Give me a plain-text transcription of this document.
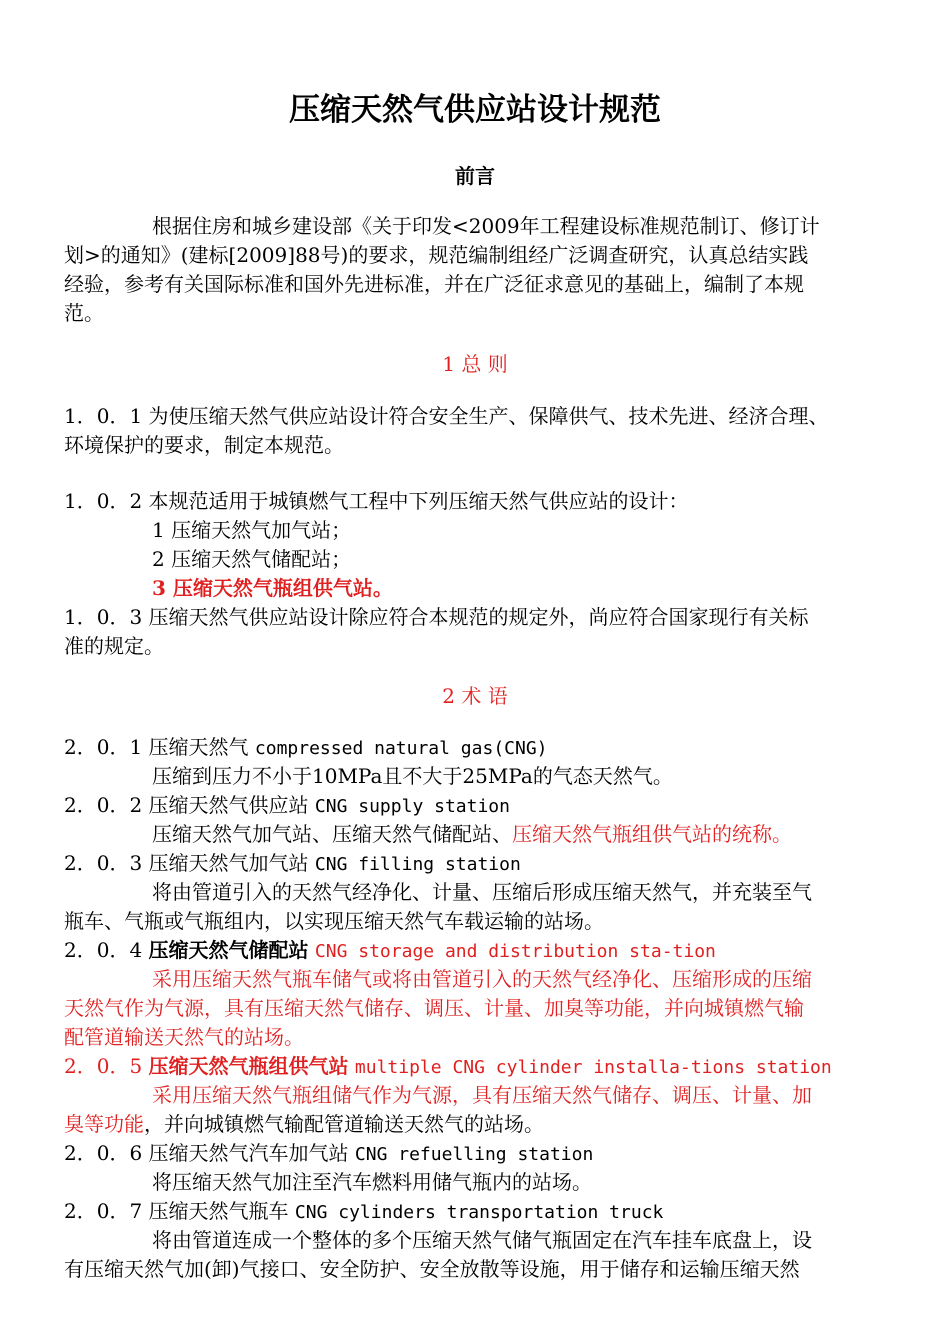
压缩天然气供应站设计规范
前言
根据住房和城乡建设部《关于印发<2009年工程建设标准规范制订、修订计
划>的通知》(建标[2009]88号)的要求，规范编制组经广泛调查研究，认真总结实践
经验，参考有关国际标准和国外先进标准，并在广泛征求意见的基础上，编制了本规
范。
1 总 则
1．0．1 为使压缩天然气供应站设计符合安全生产、保障供气、技术先进、经济合理、
环境保护的要求，制定本规范。
1．0．2 本规范适用于城镇燃气工程中下列压缩天然气供应站的设计：
1 压缩天然气加气站；
2 压缩天然气储配站；
3 压缩天然气瓶组供气站。
1．0．3 压缩天然气供应站设计除应符合本规范的规定外，尚应符合国家现行有关标
准的规定。
2 术 语
2．0．1 压缩天然气 compressed natural gas(CNG)
压缩到压力不小于10MPa且不大于25MPa的气态天然气。
2．0．2 压缩天然气供应站 CNG supply station
压缩天然气加气站、压缩天然气储配站、压缩天然气瓶组供气站的统称。
2．0．3 压缩天然气加气站 CNG filling station
将由管道引入的天然气经净化、计量、压缩后形成压缩天然气，并充装至气
瓶车、气瓶或气瓶组内，以实现压缩天然气车载运输的站场。
2．0．4 压缩天然气储配站 CNG storage and distribution sta-tion
采用压缩天然气瓶车储气或将由管道引入的天然气经净化、压缩形成的压缩
天然气作为气源，具有压缩天然气储存、调压、计量、加臭等功能，并向城镇燃气输
配管道输送天然气的站场。
2．0．5 压缩天然气瓶组供气站 multiple CNG cylinder installa-tions station
采用压缩天然气瓶组储气作为气源，具有压缩天然气储存、调压、计量、加
臭等功能，并向城镇燃气输配管道输送天然气的站场。
2．0．6 压缩天然气汽车加气站 CNG refuelling station
将压缩天然气加注至汽车燃料用储气瓶内的站场。
2．0．7 压缩天然气瓶车 CNG cylinders transportation truck
将由管道连成一个整体的多个压缩天然气储气瓶固定在汽车挂车底盘上，设
有压缩天然气加(卸)气接口、安全防护、安全放散等设施，用于储存和运输压缩天然
